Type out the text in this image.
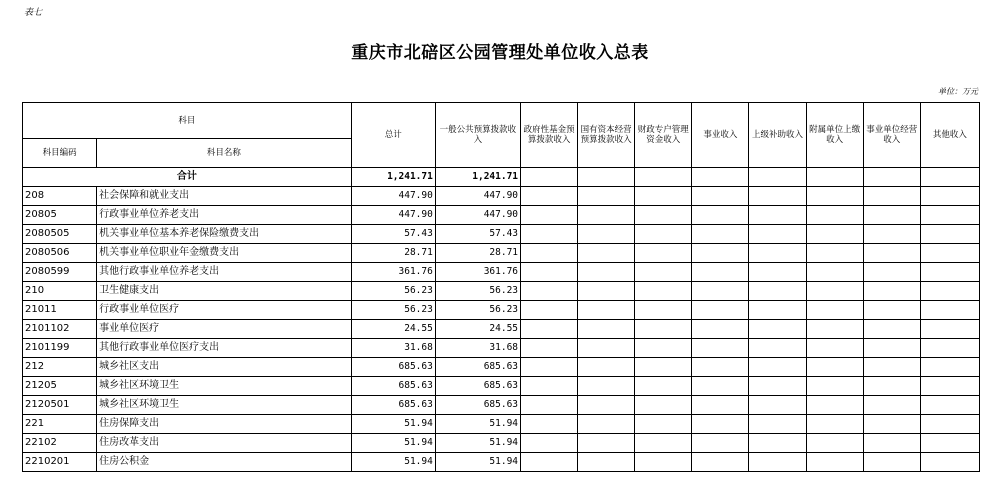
表七
重庆市北碚区公园管理处单位收入总表
单位：万元
科目		总计	一般公共预算拨款收入	政府性基金预算拨款收入	国有资本经营预算拨款收入	财政专户管理资金收入	事业收入	上级补助收入	附属单位上缴收入	事业单位经营收入	其他收入
科目编码	科目名称										
合计		1,241.71	1,241.71								
208	社会保障和就业支出	447.90	447.90								
20805	行政事业单位养老支出	447.90	447.90								
2080505	机关事业单位基本养老保险缴费支出	57.43	57.43								
2080506	机关事业单位职业年金缴费支出	28.71	28.71								
2080599	其他行政事业单位养老支出	361.76	361.76								
210	卫生健康支出	56.23	56.23								
21011	行政事业单位医疗	56.23	56.23								
2101102	事业单位医疗	24.55	24.55								
2101199	其他行政事业单位医疗支出	31.68	31.68								
212	城乡社区支出	685.63	685.63								
21205	城乡社区环境卫生	685.63	685.63								
2120501	城乡社区环境卫生	685.63	685.63								
221	住房保障支出	51.94	51.94								
22102	住房改革支出	51.94	51.94								
2210201	住房公积金	51.94	51.94								
